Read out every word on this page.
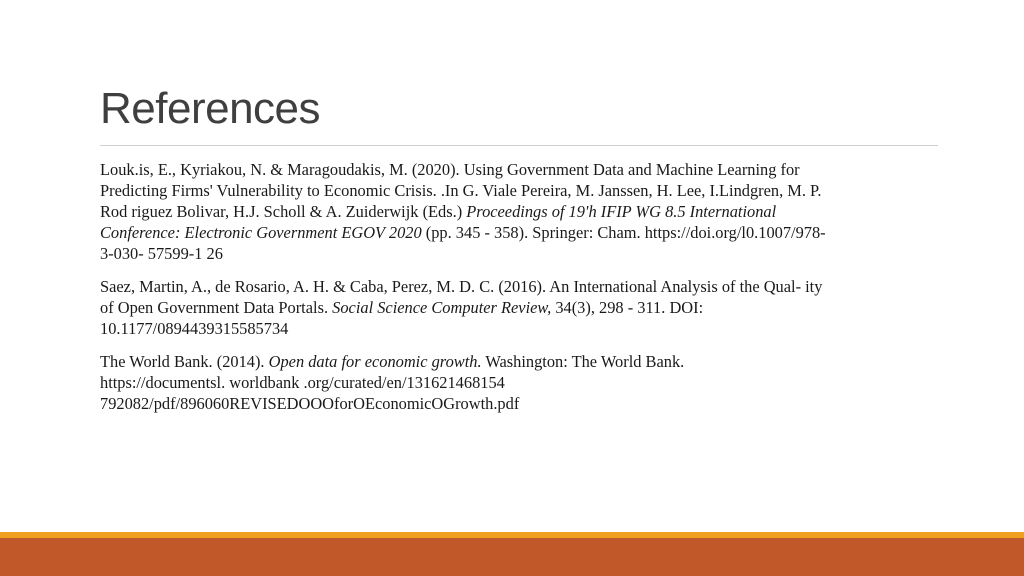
References

Louk.is, E., Kyriakou, N. & Maragoudakis, M. (2020). Using Government Data and Machine Learning for
Predicting Firms' Vulnerability to Economic Crisis. .In G. Viale Pereira, M. Janssen, H. Lee, I.Lindgren, M. P.
Rod riguez Bolivar, H.J. Scholl & A. Zuiderwijk (Eds.) Proceedings of 19'h IFIP WG 8.5 International
Conference: Electronic Government EGOV 2020 (pp. 345 - 358). Springer: Cham. https://doi.org/l0.1007/978-
3-030- 57599-1 26

Saez, Martin, A., de Rosario, A. H. & Caba, Perez, M. D. C. (2016). An International Analysis of the Qual- ity
of Open Government Data Portals. Social Science Computer Review, 34(3), 298 - 311. DOI:
10.1177/0894439315585734

The World Bank. (2014). Open data for economic growth. Washington: The World Bank.
https://documentsl. worldbank .org/curated/en/131621468154
792082/pdf/896060REVISEDOOOforOEconomicOGrowth.pdf
